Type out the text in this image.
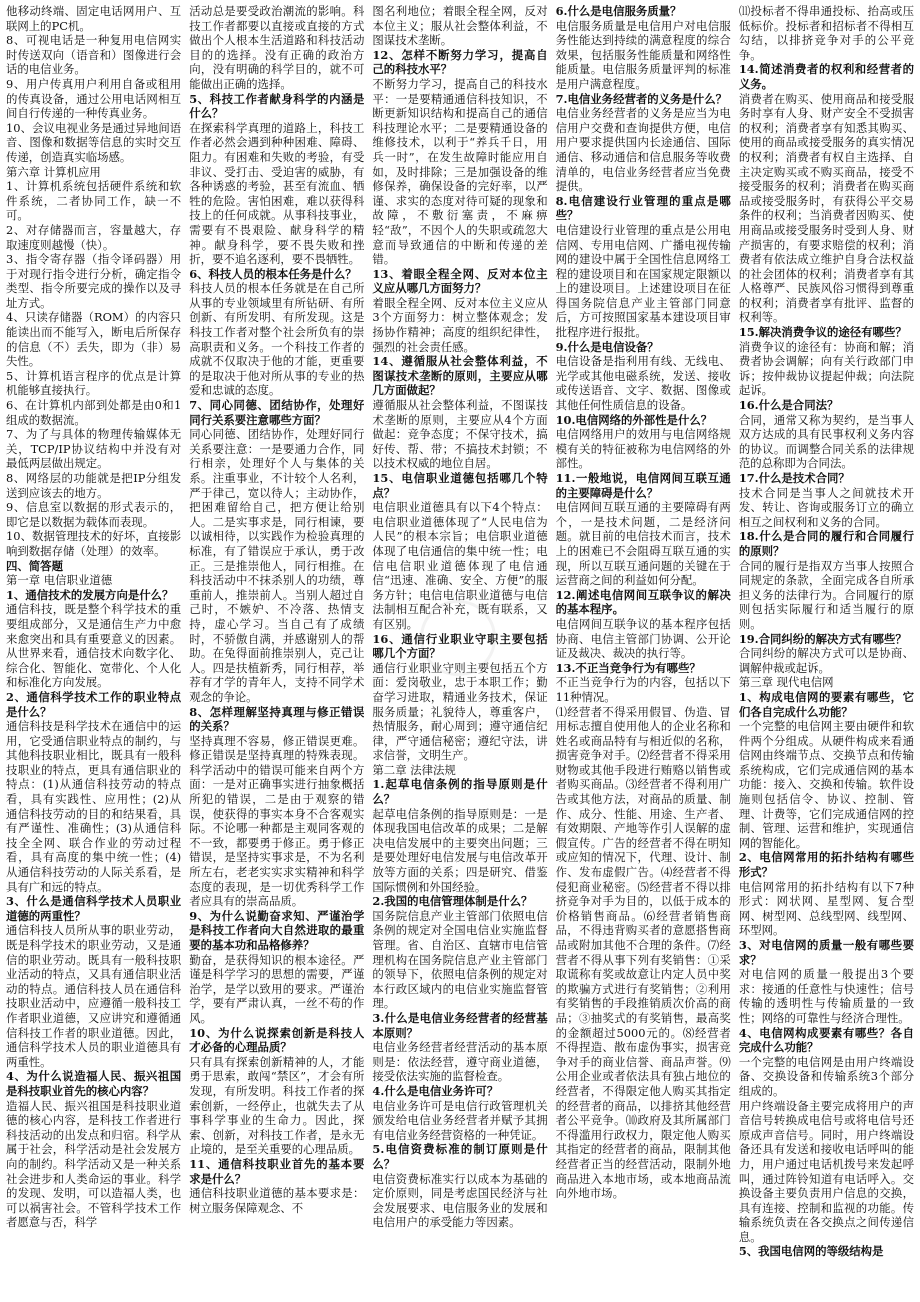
他移动终端、固定电话网用户、互联网上的PC机。

8、可视电话是一种复用电信网实时传送双向（语音和）图像进行会话的电信业务。

9、用户传真用户利用自备或租用的传真设备，通过公用电话网相互间自行传递的一种传真业务。

10、会议电视业务是通过异地间语音、图像和数据等信息的实时交互传递，创造真实临场感。

第六章 计算机应用

1、计算机系统包括硬件系统和软件系统，二者协同工作，缺一不可。

2、对存储器而言，容量越大，存取速度则越慢（快）。

3、指令寄存器（指令译码器）用于对现行指令进行分析，确定指令类型、指令所要完成的操作以及寻址方式。

4、只读存储器（ROM）的内容只能读出而不能写入，断电后所保存的信息（不）丢失，即为（非）易失性。

5、计算机语言程序的优点是计算机能够直接执行。

6、在计算机内部到处都是由0和1组成的数据流。

7、为了与具体的物理传输媒体无关，TCP/IP协议结构中并没有对最低两层做出规定。

8、网络层的功能就是把IP分组发送到应该去的地方。

9、信息室以数据的形式表示的，即它是以数据为载体而表现。

10、数据管理技术的好坏，直接影响到数据存储（处理）的效率。

四、简答题

第一章 电信职业道德

1、通信技术的发展方向是什么？

通信科技，既是整个科学技术的重要组成部分，又是通信生产力中愈来愈突出和具有重要意义的因素。从世界来看，通信技术向数字化、综合化、智能化、宽带化、个人化和标准化方向发展。

2、通信科学技术工作的职业特点是什么？

通信科技是科学技术在通信中的运用，它受通信职业特点的制约，与其他科技职业相比，既具有一般科技职业的特点，更具有通信职业的特点：(1)从通信科技劳动的特点看，具有实践性、应用性；(2)从通信科技劳动的目的和结果看，具有严谨性、准确性；(3)从通信科技全全网、联合作业的劳动过程看，具有高度的集中统一性；(4)从通信科技劳动的人际关系看，是具有广和远的特点。

3、什么是通信科学技术人员职业道德的两重性？

通信科技人员所从事的职业劳动，既是科学技术的职业劳动，又是通信的职业劳动。既具有一般科技职业活动的特点，又具有通信职业活动的特点。通信科技人员在通信科技职业活动中，应遵循一般科技工作者职业道德，又应讲究和遵循通信科技工作者的职业道德。因此，通信科学技术人员的职业道德具有两重性。

4、为什么说造福人民、振兴祖国是科技职业首先的核心内容？

造福人民、振兴祖国是科技职业道德的核心内容，是科技工作者进行科技活动的出发点和归宿。科学从属于社会，科学活动是社会发展方向的制约。科学活动又是一种关系社会进步和人类命运的事业。科学的发现、发明，可以造福人类，也可以祸害社会。不管科学技术工作者愿意与否，科学

活动总是要受政治潮流的影响。科技工作者都要以直接或直接的方式做出个人根本生活道路和科技活动目的的选择。没有正确的政治方向，没有明确的科学目的，就不可能做出正确的选择。

5、科技工作者献身科学的内涵是什么？

在探索科学真理的道路上，科技工作者必然会遇到种种困难、障碍、阻力。有困难和失败的考验，有受非议、受打击、受迫害的威胁，有各种诱惑的考验，甚至有流血、牺牲的危险。害怕困难，难以获得科技上的任何成就。从事科技事业，需要有不畏艰险、献身科学的精神。献身科学，要不畏失败和挫折，要不追名逐利，要不畏牺牲。

6、科技人员的根本任务是什么？

科技人员的根本任务就是在自己所从事的专业领域里有所钻研、有所创新、有所发明、有所发现。这是科技工作者对整个社会所负有的崇高职责和义务。一个科技工作者的成就不仅取决于他的才能，更重要的是取决于他对所从事的专业的热爱和忠诚的态度。

7、同心同德、团结协作，处理好同行关系要注意哪些方面？

同心同德、团结协作，处理好同行关系要注意：一是要通力合作，同行相亲，处理好个人与集体的关系。注重事业，不计较个人名利，严于律己，宽以待人；主动协作，把困难留给自己，把方便让给别人。二是实事求是，同行相谏，要以诚相待，以实践作为检验真理的标准，有了错误应于承认，勇于改正。三是推崇他人，同行相推。在科技活动中不抹杀别人的功绩，尊重前人，推崇前人。当别人超过自己时，不嫉妒、不冷落、热情支持，虚心学习。当自己有了成绩时，不骄傲自满，并感谢别人的帮助。在兔得面前推崇别人，克己让人。四是扶植新秀，同行相荐，举荐有才学的青年人，支持不同学术观念的争论。

8、怎样理解坚持真理与修正错误的关系？

坚持真理不容易，修正错误更难。修正错误是坚持真理的特殊表现。科学活动中的错误可能来自两个方面：一是对正确事实进行抽象概括所犯的错误，二是由于观察的错误，使获得的事实本身不合客观实际。不论哪一种都是主观同客观的不一致，都要勇于修正。勇于修正错误，是坚持实事求是，不为名利所左右，老老实实求实精神和科学态度的表现，是一切优秀科学工作者应具有的崇高品质。

9、为什么说勤奋求知、严谨治学是科技工作者向大自然进取的最重要的基本功和品格修养？

勤奋，是获得知识的根本途径。严谨是科学学习的思想的需要，严谨治学，是学以致用的要求。严谨治学，要有严肃认真，一丝不苟的作风。

10、为什么说探索创新是科技人才必备的心理品质？

只有具有探索创新精神的人，才能勇于思索，敢闯“禁区”，才会有所发现，有所发明。科技工作者的探索创新，一经停止，也就失去了从事科学事业的生命力。因此，探索、创新，对科技工作者，是永无止境的，是至关重要的心理品质。

11、通信科技职业首先的基本要求是什么？

通信科技职业道德的基本要求是：树立服务保障观念、不

图名利地位；着眼全程全网，反对本位主义；服从社会整体利益，不图谋技术垄断。

12、怎样不断努力学习，提高自己的科技水平？

不断努力学习，提高自己的科技水平：一是要精通通信科技知识，不断更新知识结构和提高自己的通信科技理论水平；二是要精通设备的维修技术，以利于“养兵千日，用兵一时”，在发生故障时能应用自如，及时排除；三是加强设备的维修保养，确保设备的完好率，以严谨、求实的态度对待可疑的现象和故障，不敷衍塞责，不麻痹轻“敌”，不因个人的失职或疏忽大意而导致通信的中断和传递的差错。

13、着眼全程全网、反对本位主义应从哪几方面努力？

着眼全程全网、反对本位主义应从3个方面努力：树立整体观念；发扬协作精神；高度的组织纪律性，强烈的社会责任感。

14、遵循服从社会整体利益，不图谋技术垄断的原则，主要应从哪几方面做起？

遵循服从社会整体利益，不图谋技术垄断的原则，主要应从4个方面做起：竞争态度；不保守技术，搞好传、帮、带；不搞技术封锁；不以技术权威的地位自居。

15、电信职业道德包括哪几个特点？

电信职业道德具有以下4个特点：电信职业道德体现了“人民电信为人民”的根本宗旨；电信职业道德体现了电信通信的集中统一性；电信电信职业道德体现了电信通信“迅速、准确、安全、方便”的服务方针；电信电信职业道德与电信法制相互配合补充，既有联系，又有区别。

16、通信行业职业守职主要包括哪几个方面？

通信行业职业守则主要包括五个方面：爱岗敬业，忠于本职工作；勤奋学习进取，精通业务技术，保证服务质量；礼貌待人，尊重客户，热情服务，耐心周到；遵守通信纪律，严守通信秘密；遵纪守法，讲求信誉，文明生产。

第二章 法律法规

1.起草电信条例的指导原则是什么？

起草电信条例的指导原则是：一是体现我国电信改革的成果；二是解决电信发展中的主要突出问题；三是要处理好电信发展与电信改革开放等方面的关系；四是研究、借鉴国际惯例和外国经验。

2.我国的电信管理体制是什么？

国务院信息产业主管部门依照电信条例的规定对全国电信业实施监督管理。省、自治区、直辖市电信管理机构在国务院信息产业主管部门的领导下，依照电信条例的规定对本行政区域内的电信业实施监督管理。

3.什么是电信业务经营者的经营基本原则？

电信业务经营者经营活动的基本原则是：依法经营，遵守商业道德，接受依法实施的监督检查。

4.什么是电信业务许可？

电信业务许可是电信行政管理机关颁发给电信业务经营者并赋予其拥有电信业务经营资格的一种凭证。

5.电信资费标准的制订原则是什么？

电信资费标准实行以成本为基础的定价原则，同是考虑国民经济与社会发展要求、电信服务业的发展和电信用户的承受能力等因素。

6.什么是电信服务质量？

电信服务质量是电信用户对电信服务性能达到持续的满意程度的综合效果，包括服务性能质量和网络性能质量。电信服务质量评判的标准是用户满意程度。

7.电信业务经营者的义务是什么？

电信业务经营者的义务是应当为电信用户交费和查询提供方便，电信用户要求提供国内长途通信、国际通信、移动通信和信息服务等收费清单的，电信业务经营者应当免费提供。

8.电信建设行业管理的重点是哪些？

电信建设行业管理的重点是公用电信网、专用电信网、广播电视传输网的建设中属于全国性信息网络工程的建设项目和在国家规定限额以上的建设项目。上述建设项目在征得国务院信息产业主管部门同意后，方可按照国家基本建设项目审批程序进行报批。

9.什么是电信设备？

电信设备是指利用有线、无线电、光学或其他电磁系统，发送、接收或传送语音、文字、数据、图像或其他任何性质信息的设备。

10.电信网络的外部性是什么？

电信网络用户的效用与电信网络规模有关的特征被称为电信网络的外部性。

11.一般地说，电信网间互联互通的主要障碍是什么？

电信网间互联互通的主要障碍有两个，一是技术问题，二是经济问题。就目前的电信技术而言，技术上的困难已不会阻碍互联互通的实现，所以互联互通问题的关键在于运营商之间的利益如何分配。

12.阐述电信网间互联争议的解决的基本程序。

电信网间互联争议的基本程序包括协商、电信主管部门协调、公开论证及裁决、裁决的执行等。

13.不正当竞争行为有哪些？

不正当竞争行为的内容，包括以下11种情况。

⑴经营者不得采用假冒、伪造、冒用标志擅自使用他人的企业名称和姓名或商品特有与相近似的名称，损害竞争对手。⑵经营者不得采用财物或其他手段进行贿赂以销售或者购买商品。⑶经营者不得利用广告或其他方法，对商品的质量、制作、成分、性能、用途、生产者、有效期限、产地等作引人误解的虚假宣传。广告的经营者不得在明知或应知的情况下，代理、设计、制作、发布虚假广告。⑷经营者不得侵犯商业秘密。⑸经营者不得以排挤竞争对手为目的，以低于成本的价格销售商品。⑹经营者销售商品，不得违背购买者的意愿搭售商品或附加其他不合理的条件。⑺经营者不得从事下列有奖销售：①采取谎称有奖或故意让内定人员中奖的欺骗方式进行有奖销售；②利用有奖销售的手段推销质次价高的商品；③抽奖式的有奖销售，最高奖的金额超过5000元的。⑻经营者不得捏造、散布虚伪事实，损害竞争对手的商业信誉、商品声誉。⑼公用企业或者依法具有独占地位的经营者，不得限定他人购买其指定的经营者的商品，以排挤其他经营者公平竞争。⑽政府及其所属部门不得滥用行政权力，限定他人购买其指定的经营者的商品，限制其他经营者正当的经营活动，限制外地商品进入本地市场，或本地商品流向外地市场。

⑾投标者不得串通投标、抬高或压低标价。投标者和招标者不得相互勾结，以排挤竞争对手的公平竞争。

14.简述消费者的权利和经营者的义务。

消费者在购买、使用商品和接受服务时享有人身、财产安全不受损害的权利；消费者享有知悉其购买、使用的商品或接受服务的真实情况的权利；消费者有权自主选择、自主决定购买或不购买商品，接受不接受服务的权利；消费者在购买商品或接受服务时，有获得公平交易条件的权利；当消费者因购买、使用商品或接受服务时受到人身、财产损害的，有要求赔偿的权利；消费者有依法成立维护自身合法权益的社会团体的权利；消费者享有其人格尊严、民族风俗习惯得到尊重的权利；消费者享有批评、监督的权利等。

15.解决消费争议的途径有哪些？

消费争议的途径有：协商和解；消费者协会调解；向有关行政部门申诉；按仲裁协议提起仲裁；向法院起诉。

16.什么是合同法？

合同，通常又称为契约，是当事人双方达成的具有民事权利义务内容的协议。而调整合同关系的法律规范的总称即为合同法。

17.什么是技术合同？

技术合同是当事人之间就技术开发、转让、咨询或服务订立的确立相互之间权利和义务的合同。

18.什么是合同的履行和合同履行的原则？

合同的履行是指双方当事人按照合同规定的条款，全面完成各自所承担义务的法律行为。合同履行的原则包括实际履行和适当履行的原则。

19.合同纠纷的解决方式有哪些？

合同纠纷的解决方式可以是协商、调解仲裁或起诉。

第三章 现代电信网

1、构成电信网的要素有哪些，它们各自完成什么功能？

一个完整的电信网主要由硬件和软件两个分组成。从硬件构成来看通信网由终端节点、交换节点和传输系统构成，它们完成通信网的基本功能：接入、交换和传输。软件设施则包括信令、协议、控制、管理、计费等，它们完成通信网的控制、管理、运营和维护，实现通信网的智能化。

2、电信网常用的拓扑结构有哪些形式？

电信网常用的拓扑结构有以下7种形式：网状网、星型网、复合型网、树型网、总线型网、线型网、环型网。

3、对电信网的质量一般有哪些要求？

对电信网的质量一般提出3个要求：接通的任意性与快速性；信号传输的透明性与传输质量的一致性；网络的可靠性与经济合理性。

4、电信网构成要素有哪些？各自完成什么功能？

一个完整的电信网是由用户终端设备、交换设备和传输系统3个部分组成的。

用户终端设备主要完成将用户的声音信号转换成电信号或将电信号还原成声音信号。同时，用户终端设备还具有发送和接收电话呼叫的能力，用户通过电话机拨号来发起呼叫，通过阵铃知道有电话呼入。交换设备主要负责用户信息的交换，具有连接、控制和监视的功能。传输系统负责在各交换点之间传递信息。

5、我国电信网的等级结构是
